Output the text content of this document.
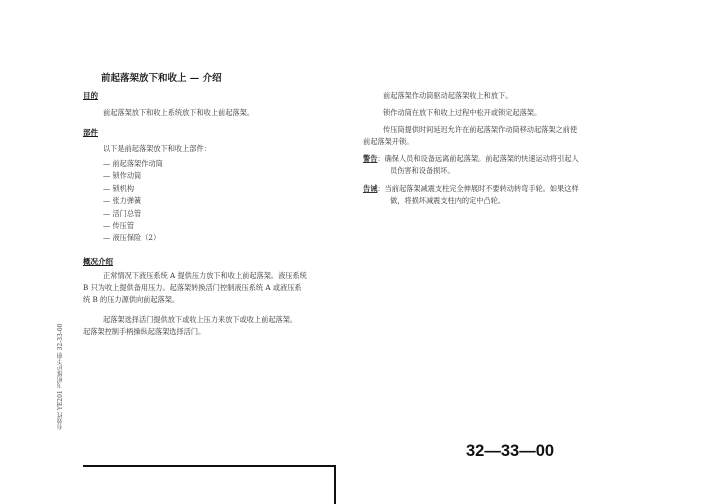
前起落架放下和收上 — 介绍
目的
前起落架放下和收上系统放下和收上前起落架。
部件
以下是前起落架放下和收上部件：
— 前起落架作动筒
— 锁作动筒
— 锁机构
— 张力弹簧
— 活门总管
— 传压管
— 液压保险（2）
概况介绍
正常情况下液压系统 A 提供压力放下和收上前起落架。液压系统
B 只为收上提供备用压力。起落架转换活门控制液压系统 A 或液压系
统 B 的压力源供向前起落架。
起落架选择活门提供放下或收上压力来放下或收上前起落架。
起落架控制手柄操纵起落架选择活门。
前起落架作动筒驱动起落架收上和放下。
锁作动筒在放下和收上过程中松开或锁定起落架。
传压筒提供时间延迟允许在前起落架作动筒移动起落架之前使
前起落架开锁。
警告：确保人员和设备远离前起落架。前起落架的快速运动将引起人
员伤害和设备损坏。
告诫：当前起落架减震支柱完全伸展时不要转动转弯手轮。如果这样
做，将损坏减震支柱内的定中凸轮。
有效性 YE201 飞机维护手册 32-33-00
32—33—00
